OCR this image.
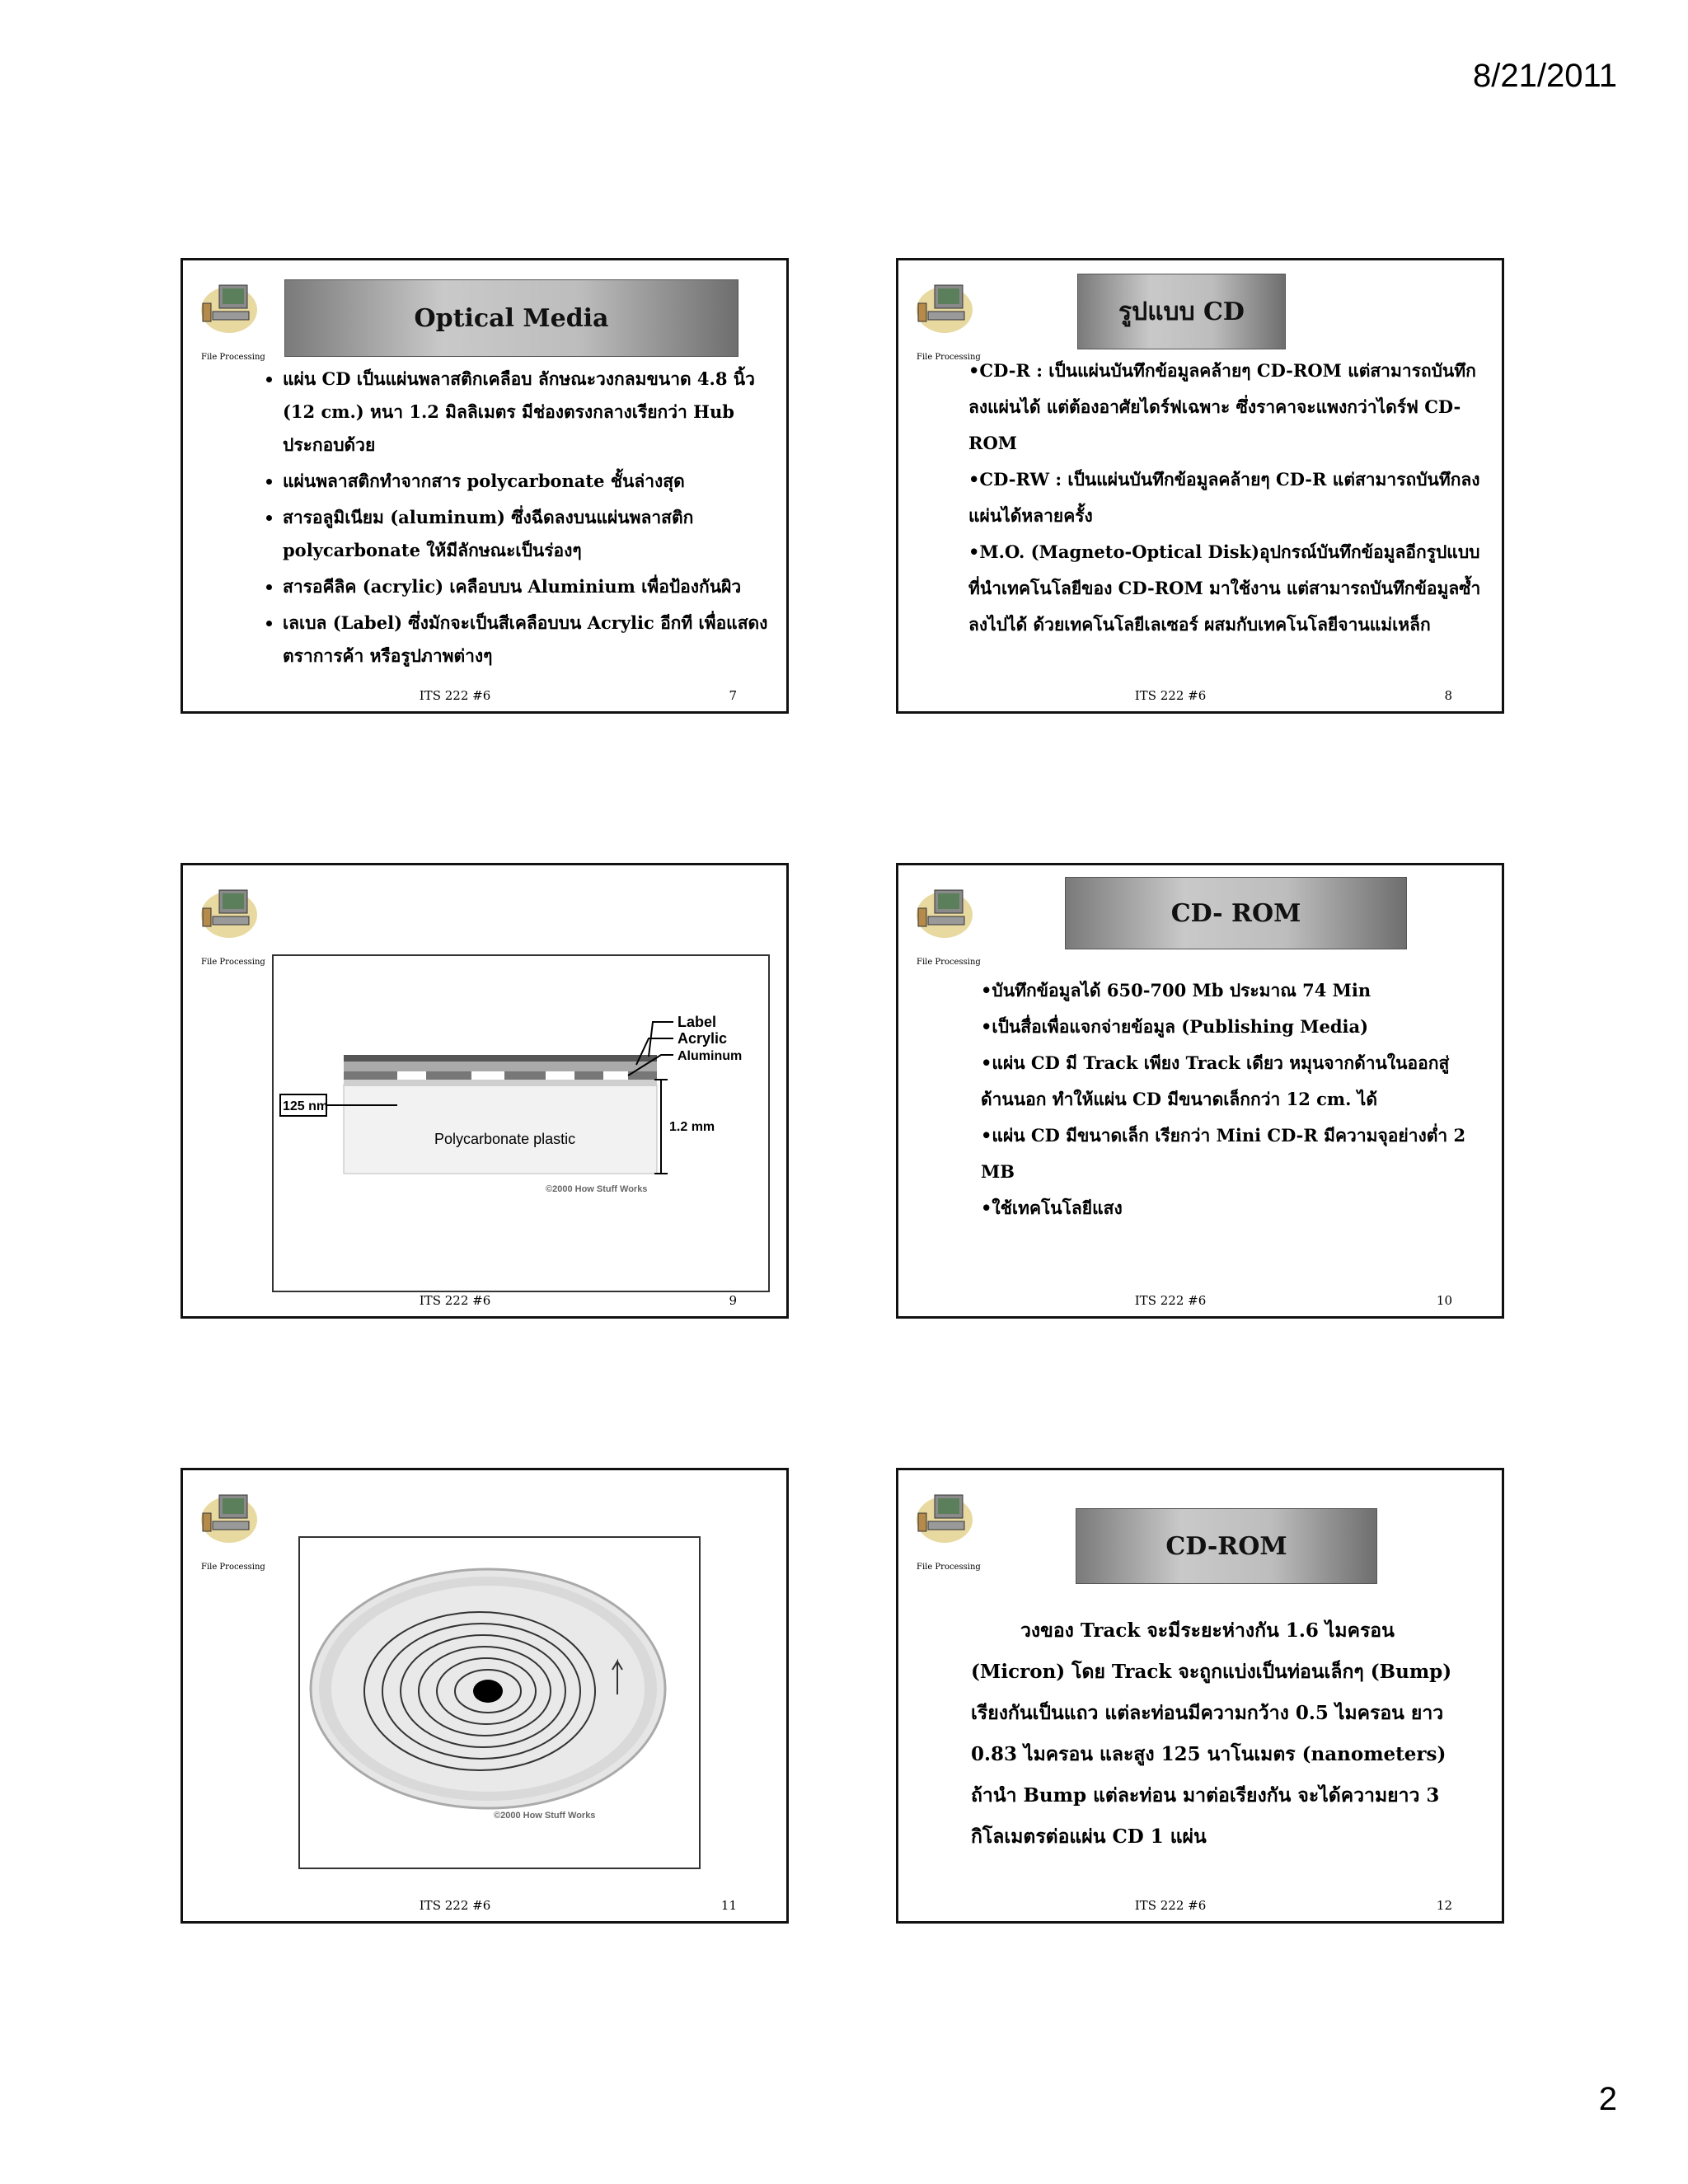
8/21/2011
File Processing
Optical Media
• แผ่น CD เป็นแผ่นพลาสติกเคลือบ ลักษณะวงกลมขนาด 4.8 นิ้ว (12 cm.) หนา 1.2 มิลลิเมตร มีช่องตรงกลางเรียกว่า Hub ประกอบด้วย
• แผ่นพลาสติกทำจากสาร polycarbonate ชั้นล่างสุด
• สารอลูมิเนียม (aluminum) ซึ่งฉีดลงบนแผ่นพลาสติก polycarbonate ให้มีลักษณะเป็นร่องๆ
• สารอคีลิค (acrylic) เคลือบบน Aluminium เพื่อป้องกันผิว
• เลเบล (Label) ซึ่งมักจะเป็นสีเคลือบบน Acrylic อีกที เพื่อแสดงตราการค้า หรือรูปภาพต่างๆ
ITS 222 #6	7
File Processing
รูปแบบ CD

•CD-R : เป็นแผ่นบันทึกข้อมูลคล้ายๆ CD-ROM แต่สามารถบันทึกลงแผ่นได้ แต่ต้องอาศัยไดร์ฟเฉพาะ ซึ่งราคาจะแพงกว่าไดร์ฟ CD-ROM

•CD-RW : เป็นแผ่นบันทึกข้อมูลคล้ายๆ CD-R แต่สามารถบันทึกลงแผ่นได้หลายครั้ง

•M.O. (Magneto-Optical Disk)อุปกรณ์บันทึกข้อมูลอีกรูปแบบที่นำเทคโนโลยีของ CD-ROM มาใช้งาน แต่สามารถบันทึกข้อมูลซ้ำลงไปได้ ด้วยเทคโนโลยีเลเซอร์ ผสมกับเทคโนโลยีจานแม่เหล็ก

ITS 222 #6	8
File Processing
Label
Acrylic
Aluminum
125 nm
1.2 mm
Polycarbonate plastic
©2000 How Stuff Works
ITS 222 #6	9
File Processing
CD- ROM

•บันทึกข้อมูลได้ 650-700 Mb ประมาณ 74 Min

•เป็นสื่อเพื่อแจกจ่ายข้อมูล (Publishing Media)

•แผ่น CD มี Track เพียง Track เดียว หมุนจากด้านในออกสู่ด้านนอก ทำให้แผ่น CD มีขนาดเล็กกว่า 12 cm. ได้

•แผ่น CD มีขนาดเล็ก เรียกว่า Mini CD-R มีความจุอย่างต่ำ 2 MB

•ใช้เทคโนโลยีแสง

ITS 222 #6	10
File Processing
©2000 How Stuff Works
ITS 222 #6	11
File Processing
CD-ROM
วงของ Track จะมีระยะห่างกัน 1.6 ไมครอน (Micron) โดย Track จะถูกแบ่งเป็นท่อนเล็กๆ (Bump) เรียงกันเป็นแถว แต่ละท่อนมีความกว้าง 0.5 ไมครอน ยาว 0.83 ไมครอน และสูง 125 นาโนเมตร (nanometers) ถ้านำ Bump แต่ละท่อน มาต่อเรียงกัน จะได้ความยาว 3 กิโลเมตรต่อแผ่น CD 1 แผ่น
ITS 222 #6	12
2
